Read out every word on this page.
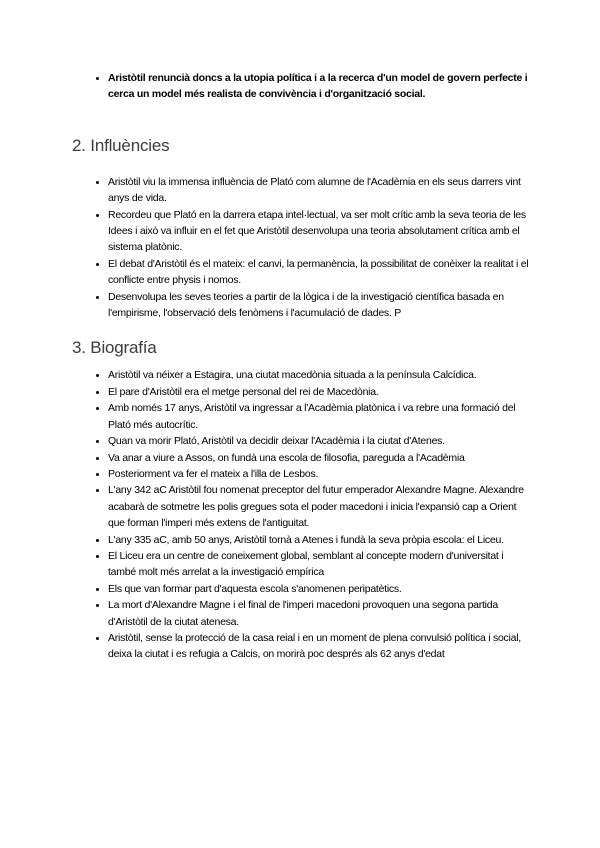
• Aristòtil renuncià doncs a la utopia política i a la recerca d'un model de govern perfecte i cerca un model més realista de convivència i d'organització social.
2. Influències
• Aristòtil viu la immensa influència de Plató com alumne de l'Acadèmia en els seus darrers vint anys de vida.
• Recordeu que Plató en la darrera etapa intel·lectual, va ser molt crític amb la seva teoria de les Idees i això va influir en el fet que Aristòtil desenvolupa una teoria absolutament crítica amb el sistema platònic.
• El debat d'Aristòtil és el mateix: el canvi, la permanència, la possibilitat de conèixer la realitat i el conflicte entre physis i nomos.
• Desenvolupa les seves teories a partir de la lògica i de la investigació científica basada en l'empirisme, l'observació dels fenòmens i l'acumulació de dades. P
3. Biografía
• Aristòtil va néixer a Estagira, una ciutat macedònia situada a la península Calcídica.
• El pare d'Aristòtil era el metge personal del rei de Macedònia.
• Amb només 17 anys, Aristòtil va ingressar a l'Acadèmia platònica i va rebre una formació del Plató més autocrític.
• Quan va morir Plató, Aristòtil va decidir deixar l'Acadèmia i la ciutat d'Atenes.
• Va anar a viure a Assos, on fundà una escola de filosofia, pareguda a l'Acadèmia
• Posteriorment va fer el mateix a l'illa de Lesbos.
• L'any 342 aC Aristòtil fou nomenat preceptor del futur emperador Alexandre Magne. Alexandre acabarà de sotmetre les polis gregues sota el poder macedoni i inicia l'expansió cap a Orient que forman l'imperi més extens de l'antiguitat.
• L'any 335 aC, amb 50 anys, Aristòtil tornà a Atenes i fundà la seva pròpia escola: el Liceu.
• El Liceu era un centre de coneixement global, semblant al concepte modern d'universitat i també molt més arrelat a la investigació empírica
• Els que van formar part d'aquesta escola s'anomenen peripatètics.
• La mort d'Alexandre Magne i el final de l'imperi macedoni provoquen una segona partida d'Aristòtil de la ciutat atenesa.
• Aristòtil, sense la protecció de la casa reial i en un moment de plena convulsió política i social, deixa la ciutat i es refugia a Calcis, on morirà poc després als 62 anys d'edat
